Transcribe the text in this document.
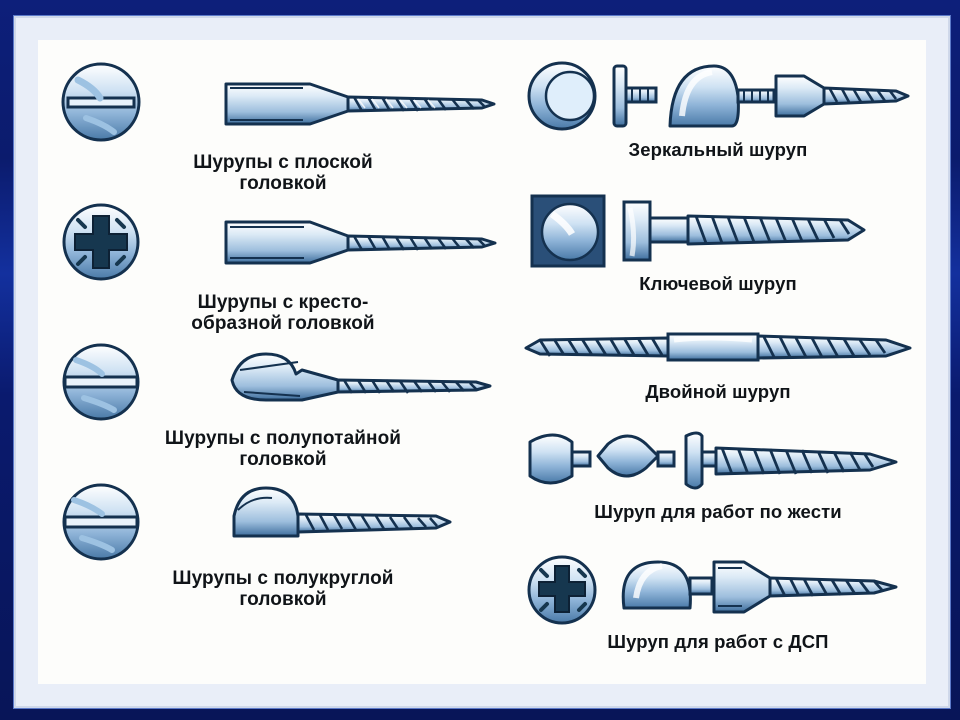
Шурупы с плоской
головкой
Шурупы с кресто-
образной головкой
Шурупы с полупотайной
головкой
Шурупы с полукруглой
головкой
Зеркальный шуруп
Ключевой шуруп
Двойной шуруп
Шуруп для работ по жести
Шуруп для работ с ДСП
